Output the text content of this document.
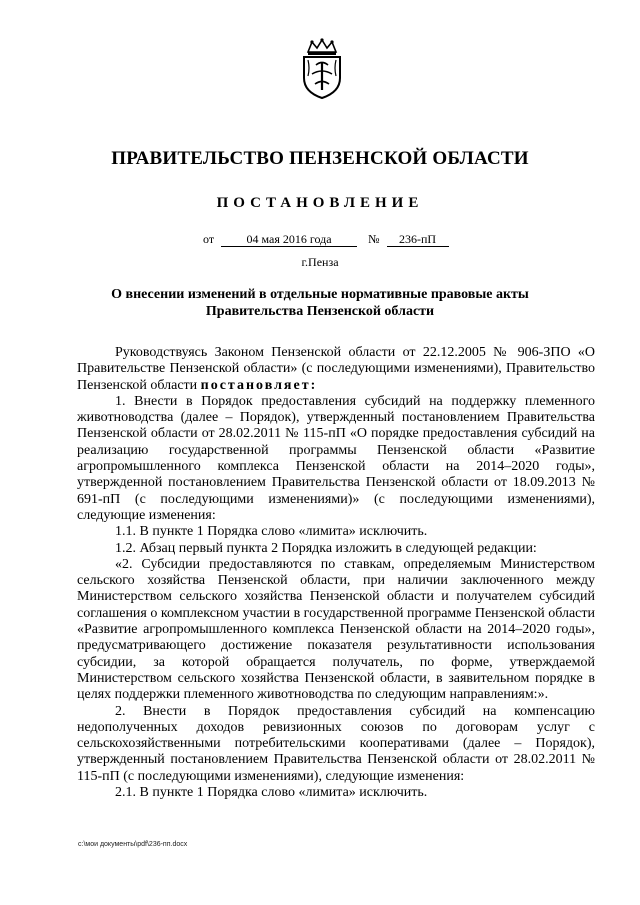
ПРАВИТЕЛЬСТВО ПЕНЗЕНСКОЙ ОБЛАСТИ
ПОСТАНОВЛЕНИЕ
от	04 мая 2016 года	№ 236-пП
г.Пенза
О внесении изменений в отдельные нормативные правовые акты
Правительства Пензенской области

Руководствуясь Законом Пензенской области от 22.12.2005 № 906-ЗПО «О Правительстве Пензенской области» (с последующими изменениями), Правительство Пензенской области постановляет:

1. Внести в Порядок предоставления субсидий на поддержку племенного животноводства (далее – Порядок), утвержденный постановлением Правительства Пензенской области от 28.02.2011 № 115-пП «О порядке предоставления субсидий на реализацию государственной программы Пензенской области «Развитие агропромышленного комплекса Пензенской области на 2014–2020 годы», утвержденной постановлением Правительства Пензенской области от 18.09.2013 № 691-пП (с последующими изменениями)» (с последующими изменениями), следующие изменения:

1.1. В пункте 1 Порядка слово «лимита» исключить.

1.2. Абзац первый пункта 2 Порядка изложить в следующей редакции:

«2. Субсидии предоставляются по ставкам, определяемым Министерством сельского хозяйства Пензенской области, при наличии заключенного между Министерством сельского хозяйства Пензенской области и получателем субсидий соглашения о комплексном участии в государственной программе Пензенской области «Развитие агропромышленного комплекса Пензенской области на 2014–2020 годы», предусматривающего достижение показателя результативности использования субсидии, за которой обращается получатель, по форме, утверждаемой Министерством сельского хозяйства Пензенской области, в заявительном порядке в целях поддержки племенного животноводства по следующим направлениям:».

2. Внести в Порядок предоставления субсидий на компенсацию недополученных доходов ревизионных союзов по договорам услуг с сельскохозяйственными потребительскими кооперативами (далее – Порядок), утвержденный постановлением Правительства Пензенской области от 28.02.2011 № 115-пП (с последующими изменениями), следующие изменения:

2.1. В пункте 1 Порядка слово «лимита» исключить.

c:\мои документы\pdf\236-пп.docx
